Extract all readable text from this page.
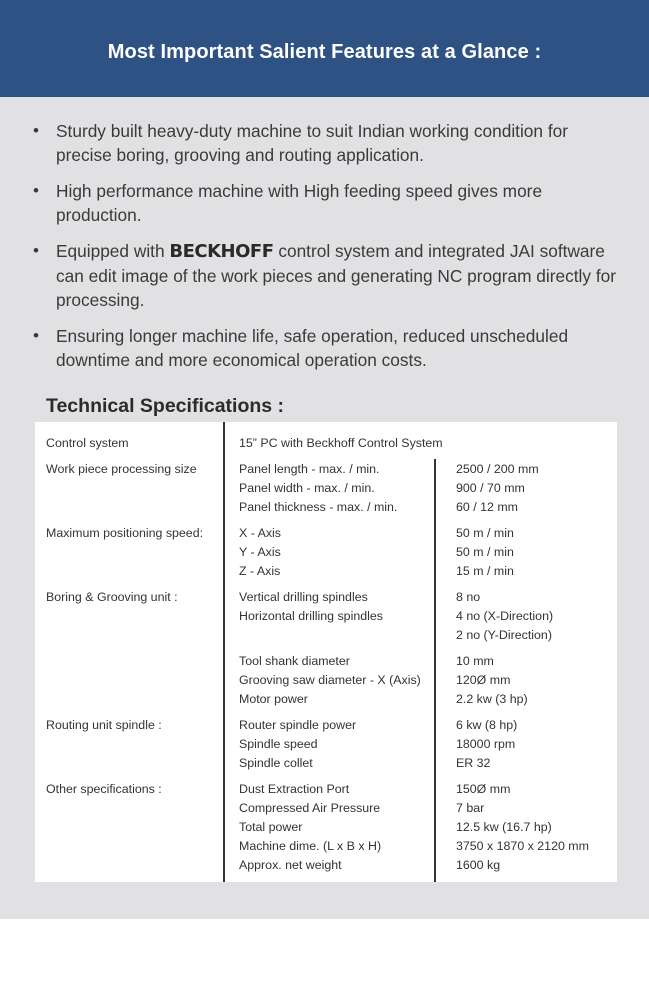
Most Important Salient Features at a Glance :
• Sturdy built heavy-duty machine to suit Indian working condition for precise boring, grooving and routing application.
• High performance machine with High feeding speed gives more production.
• Equipped with BECKHOFF control system and integrated JAI software can edit image of the work pieces and generating NC program directly for processing.
• Ensuring longer machine life, safe operation, reduced unscheduled downtime and more economical operation costs.
Technical Specifications :
Control system	15” PC with Beckhoff Control System
Work piece processing size	Panel length - max. / min.	2500 / 200 mm
Panel width - max. / min.	900 / 70 mm
Panel thickness - max. / min.	60 / 12 mm
Maximum positioning speed:	X - Axis	50 m / min
Y - Axis	50 m / min
Z - Axis	15 m / min
Boring & Grooving unit :	Vertical drilling spindles	8 no
Horizontal drilling spindles	4 no (X-Direction)
2 no (Y-Direction)
Tool shank diameter	10 mm
Grooving saw diameter - X (Axis)	120Ø mm
Motor power	2.2 kw (3 hp)
Routing unit spindle :	Router spindle power	6 kw (8 hp)
Spindle speed	18000 rpm
Spindle collet	ER 32
Other specifications :	Dust Extraction Port	150Ø mm
Compressed Air Pressure	7 bar
Total power	12.5 kw (16.7 hp)
Machine dime. (L x B x H)	3750 x 1870 x 2120 mm
Approx. net weight	1600 kg
